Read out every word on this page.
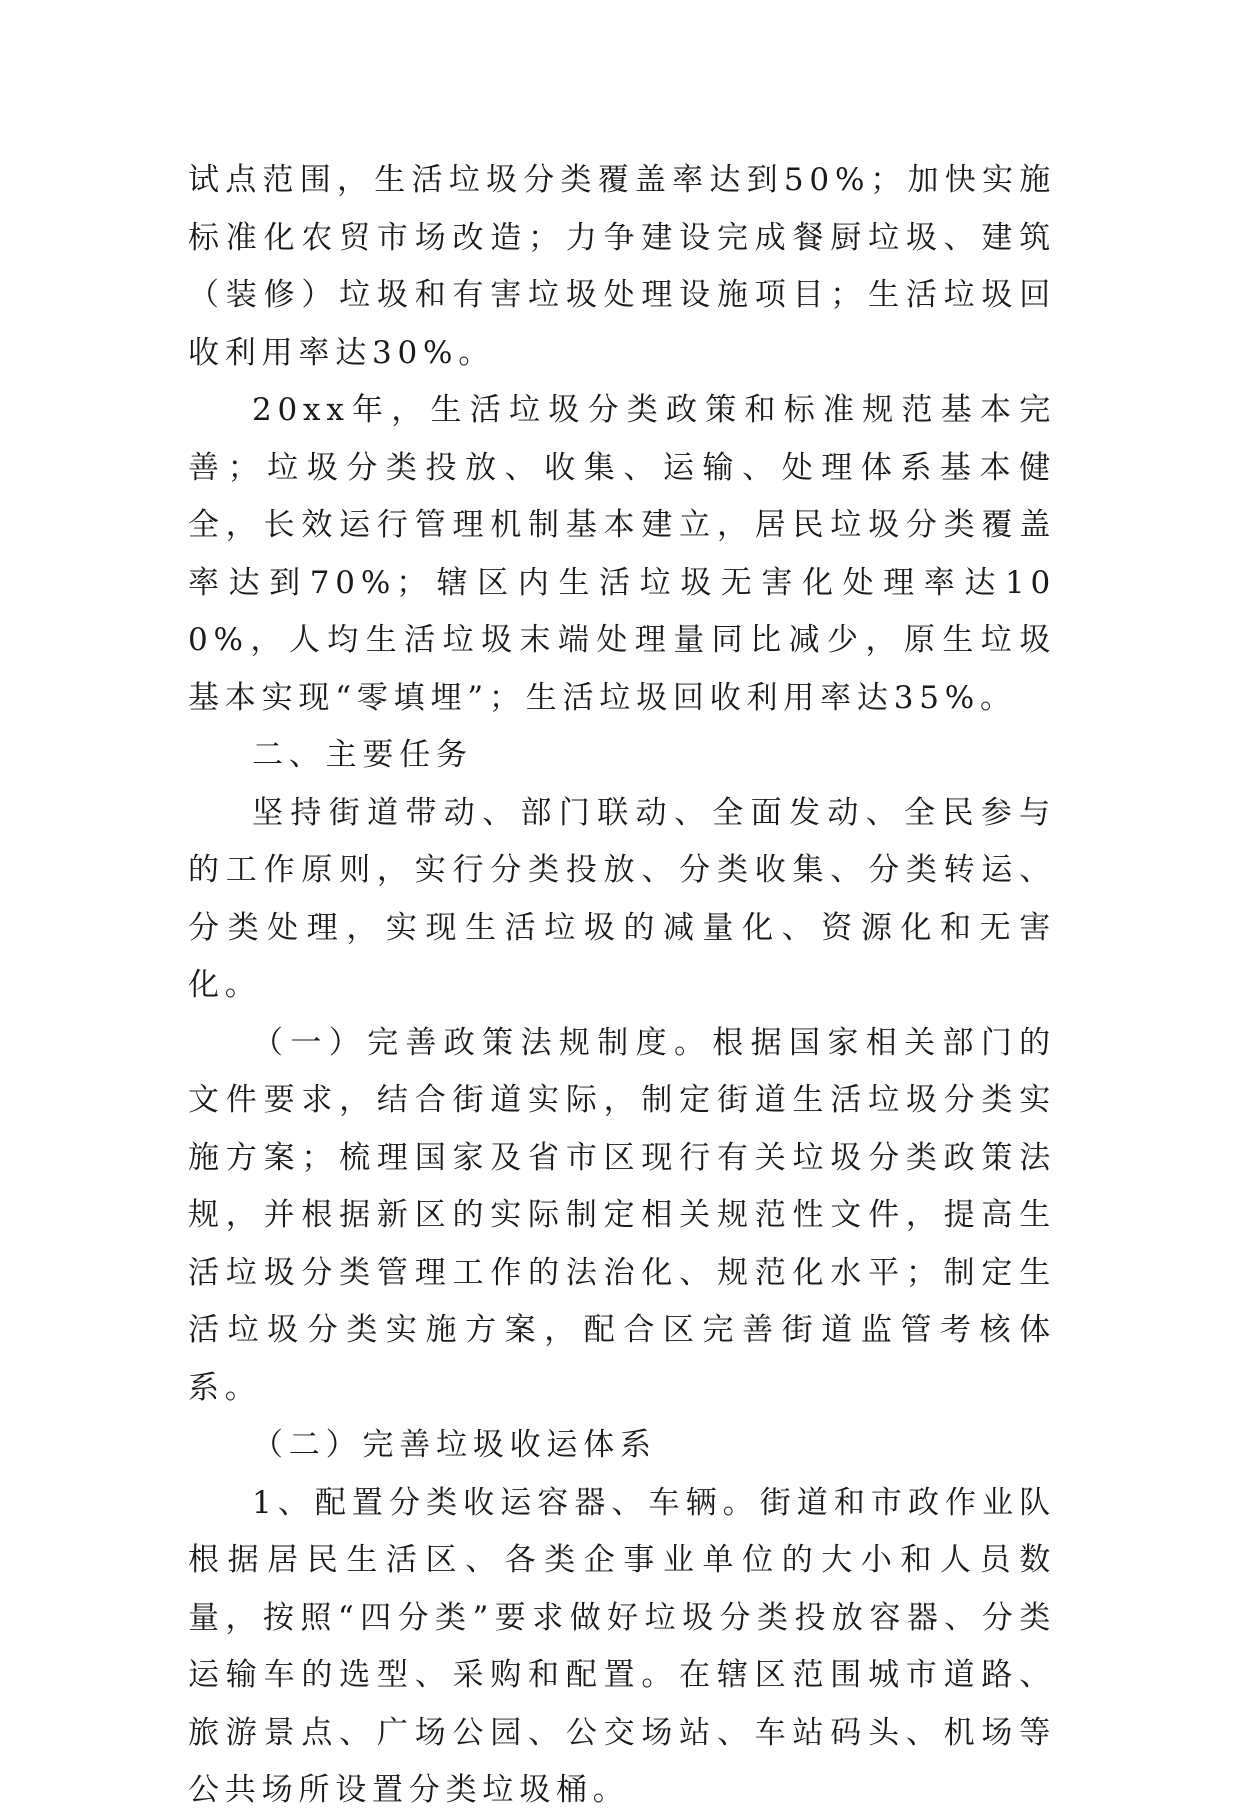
试点范围，生活垃圾分类覆盖率达到50%；加快实施标准化农贸市场改造；力争建设完成餐厨垃圾、建筑（装修）垃圾和有害垃圾处理设施项目；生活垃圾回收利用率达30%。

20xx年，生活垃圾分类政策和标准规范基本完善；垃圾分类投放、收集、运输、处理体系基本健全，长效运行管理机制基本建立，居民垃圾分类覆盖率达到70%；辖区内生活垃圾无害化处理率达100%，人均生活垃圾末端处理量同比减少，原生垃圾基本实现“零填埋”；生活垃圾回收利用率达35%。

二、主要任务

坚持街道带动、部门联动、全面发动、全民参与的工作原则，实行分类投放、分类收集、分类转运、分类处理，实现生活垃圾的减量化、资源化和无害化。

（一）完善政策法规制度。根据国家相关部门的文件要求，结合街道实际，制定街道生活垃圾分类实施方案；梳理国家及省市区现行有关垃圾分类政策法规，并根据新区的实际制定相关规范性文件，提高生活垃圾分类管理工作的法治化、规范化水平；制定生活垃圾分类实施方案，配合区完善街道监管考核体系。

（二）完善垃圾收运体系

1、配置分类收运容器、车辆。街道和市政作业队根据居民生活区、各类企事业单位的大小和人员数量，按照“四分类”要求做好垃圾分类投放容器、分类运输车的选型、采购和配置。在辖区范围城市道路、旅游景点、广场公园、公交场站、车站码头、机场等公共场所设置分类垃圾桶。
